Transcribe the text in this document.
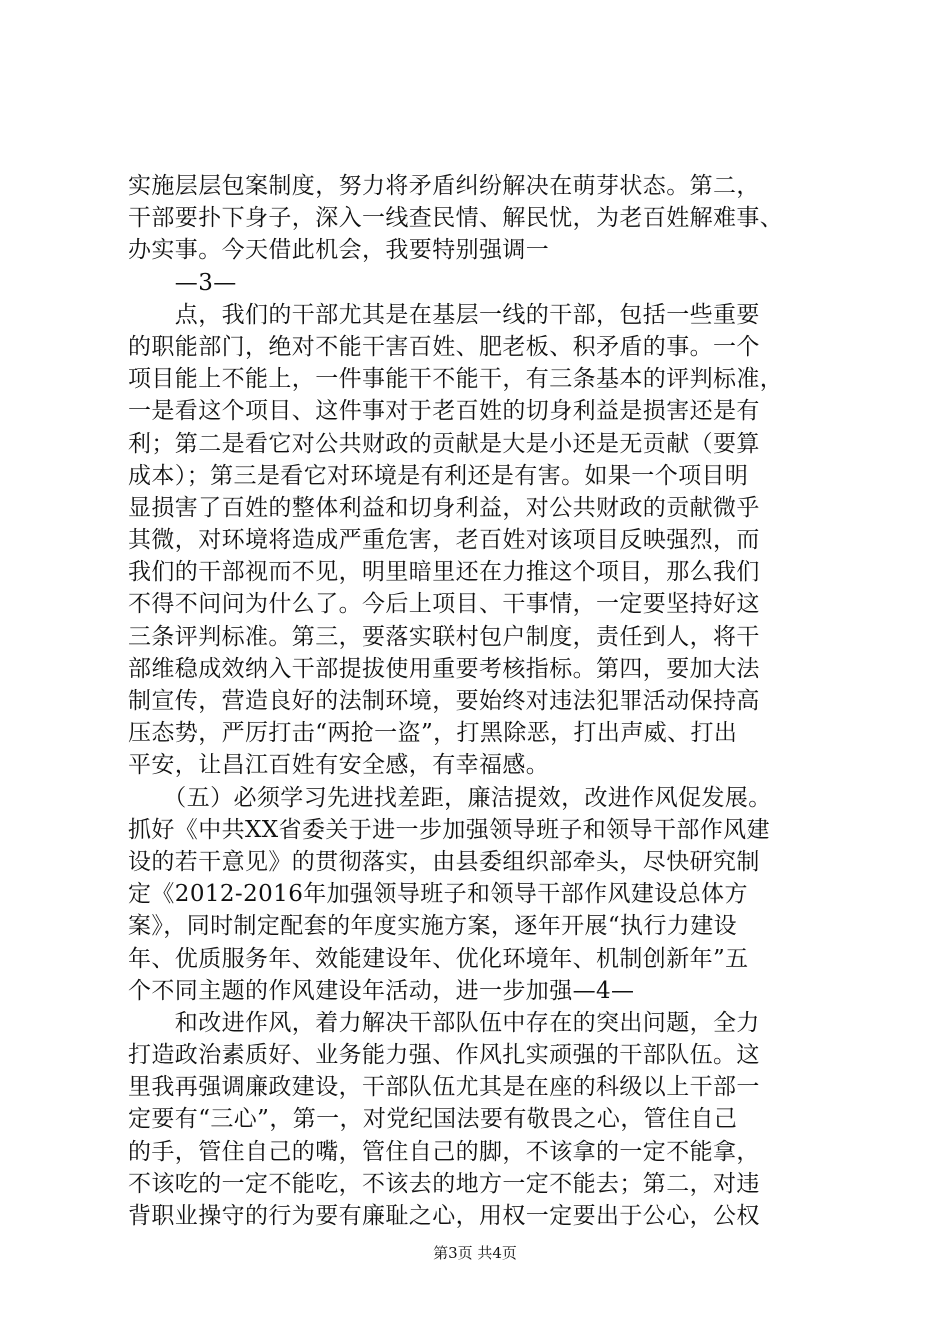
实施层层包案制度，努力将矛盾纠纷解决在萌芽状态。第二，
干部要扑下身子，深入一线查民情、解民忧，为老百姓解难事、
办实事。今天借此机会，我要特别强调一
　　—3—
　　点，我们的干部尤其是在基层一线的干部，包括一些重要
的职能部门，绝对不能干害百姓、肥老板、积矛盾的事。一个
项目能上不能上，一件事能干不能干，有三条基本的评判标准，
一是看这个项目、这件事对于老百姓的切身利益是损害还是有
利；第二是看它对公共财政的贡献是大是小还是无贡献（要算
成本）；第三是看它对环境是有利还是有害。如果一个项目明
显损害了百姓的整体利益和切身利益，对公共财政的贡献微乎
其微，对环境将造成严重危害，老百姓对该项目反映强烈，而
我们的干部视而不见，明里暗里还在力推这个项目，那么我们
不得不问问为什么了。今后上项目、干事情，一定要坚持好这
三条评判标准。第三，要落实联村包户制度，责任到人，将干
部维稳成效纳入干部提拔使用重要考核指标。第四，要加大法
制宣传，营造良好的法制环境，要始终对违法犯罪活动保持高
压态势，严厉打击“两抢一盗”，打黑除恶，打出声威、打出
平安，让昌江百姓有安全感，有幸福感。
　　（五）必须学习先进找差距，廉洁提效，改进作风促发展。
抓好《中共XX省委关于进一步加强领导班子和领导干部作风建
设的若干意见》的贯彻落实，由县委组织部牵头，尽快研究制
定《2012-2016年加强领导班子和领导干部作风建设总体方
案》，同时制定配套的年度实施方案，逐年开展“执行力建设
年、优质服务年、效能建设年、优化环境年、机制创新年”五
个不同主题的作风建设年活动，进一步加强—4—
　　和改进作风，着力解决干部队伍中存在的突出问题，全力
打造政治素质好、业务能力强、作风扎实顽强的干部队伍。这
里我再强调廉政建设，干部队伍尤其是在座的科级以上干部一
定要有“三心”，第一，对党纪国法要有敬畏之心，管住自己
的手，管住自己的嘴，管住自己的脚，不该拿的一定不能拿，
不该吃的一定不能吃，不该去的地方一定不能去；第二，对违
背职业操守的行为要有廉耻之心，用权一定要出于公心，公权
第3页 共4页
